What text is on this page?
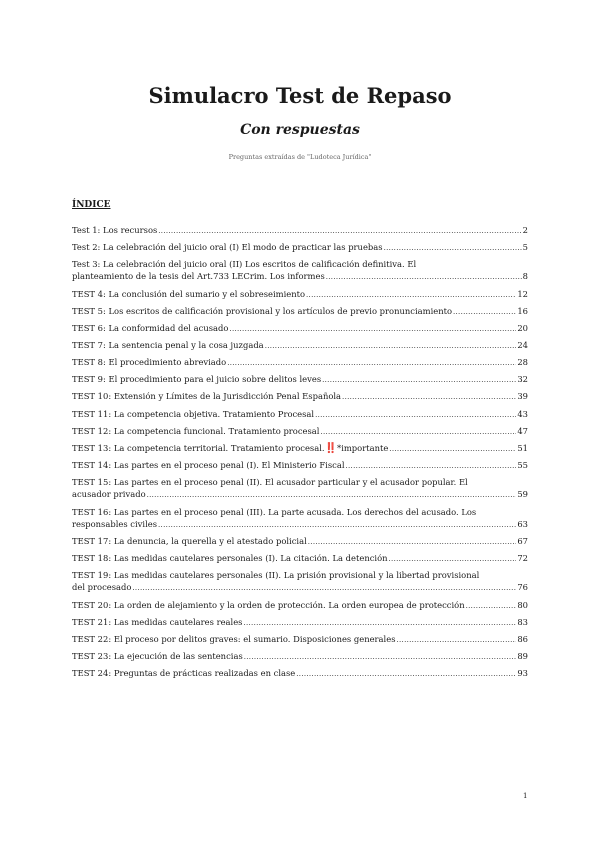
Simulacro Test de Repaso
Con respuestas
Preguntas extraídas de "Ludoteca Jurídica"
ÍNDICE
Test 1: Los recursos .....	2
Test 2: La celebración del juicio oral (I) El modo de practicar las pruebas .....	5
Test 3: La celebración del juicio oral (II) Los escritos de calificación definitiva. El
planteamiento de la tesis del Art.733 LECrim. Los informes .....	8
TEST 4: La conclusión del sumario y el sobreseimiento .....	12
TEST 5: Los escritos de calificación provisional y los artículos de previo pronunciamiento .....	16
TEST 6: La conformidad del acusado .....	20
TEST 7: La sentencia penal y la cosa juzgada .....	24
TEST 8: El procedimiento abreviado .....	28
TEST 9: El procedimiento para el juicio sobre delitos leves .....	32
TEST 10: Extensión y Límites de la Jurisdicción Penal Española .....	39
TEST 11: La competencia objetiva. Tratamiento Procesal .....	43
TEST 12: La competencia funcional. Tratamiento procesal .....	47
TEST 13: La competencia territorial. Tratamiento procesal. ‼️ *importante .....	51
TEST 14: Las partes en el proceso penal (I). El Ministerio Fiscal .....	55
TEST 15: Las partes en el proceso penal (II). El acusador particular y el acusador popular. El
acusador privado .....	59
TEST 16: Las partes en el proceso penal (III). La parte acusada. Los derechos del acusado. Los
responsables civiles .....	63
TEST 17: La denuncia, la querella y el atestado policial .....	67
TEST 18: Las medidas cautelares personales (I). La citación. La detención .....	72
TEST 19: Las medidas cautelares personales (II). La prisión provisional y la libertad provisional
del procesado .....	76
TEST 20: La orden de alejamiento y la orden de protección. La orden europea de protección .....	80
TEST 21: Las medidas cautelares reales .....	83
TEST 22: El proceso por delitos graves: el sumario. Disposiciones generales .....	86
TEST 23: La ejecución de las sentencias .....	89
TEST 24: Preguntas de prácticas realizadas en clase .....	93
1
